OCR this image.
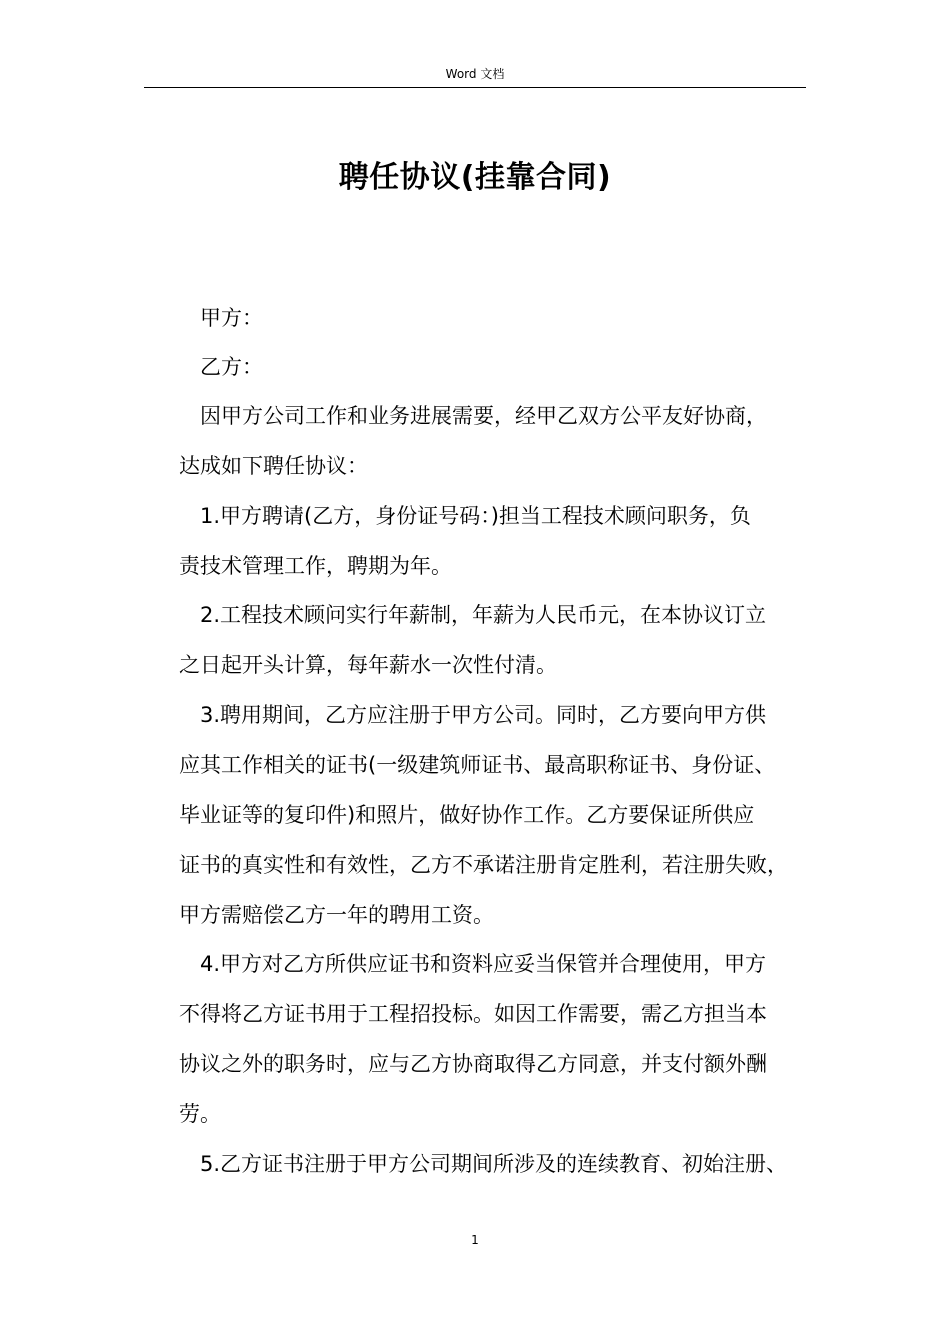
Word 文档
聘任协议(挂靠合同)
甲方：
乙方：
因甲方公司工作和业务进展需要，经甲乙双方公平友好协商，
达成如下聘任协议：
1.甲方聘请(乙方，身份证号码：)担当工程技术顾问职务，负
责技术管理工作，聘期为年。
2.工程技术顾问实行年薪制，年薪为人民币元，在本协议订立
之日起开头计算，每年薪水一次性付清。
3.聘用期间，乙方应注册于甲方公司。同时，乙方要向甲方供
应其工作相关的证书(一级建筑师证书、最高职称证书、身份证、
毕业证等的复印件)和照片，做好协作工作。乙方要保证所供应
证书的真实性和有效性，乙方不承诺注册肯定胜利，若注册失败，
甲方需赔偿乙方一年的聘用工资。
4.甲方对乙方所供应证书和资料应妥当保管并合理使用，甲方
不得将乙方证书用于工程招投标。如因工作需要，需乙方担当本
协议之外的职务时，应与乙方协商取得乙方同意，并支付额外酬
劳。
5.乙方证书注册于甲方公司期间所涉及的连续教育、初始注册、
1
